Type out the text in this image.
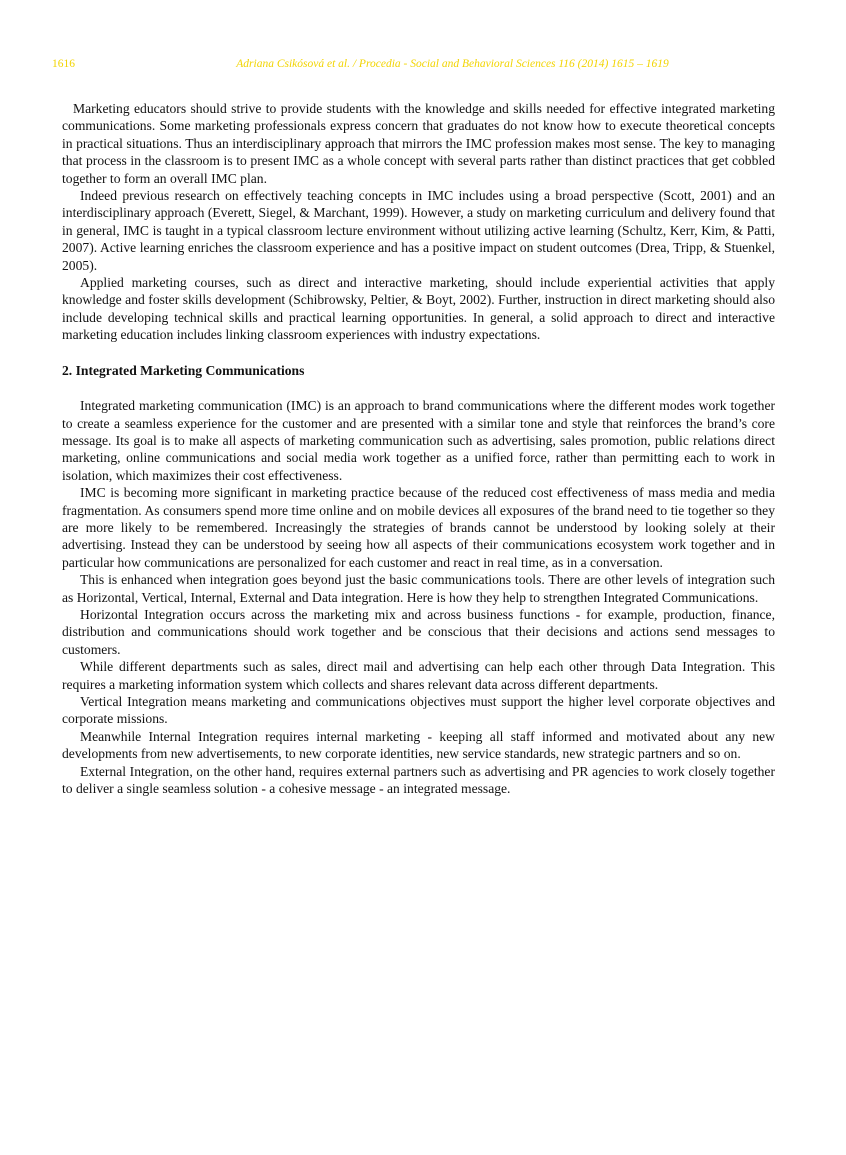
1616	Adriana Csikósová et al. / Procedia - Social and Behavioral Sciences 116 (2014) 1615 – 1619

Marketing educators should strive to provide students with the knowledge and skills needed for effective integrated marketing communications. Some marketing professionals express concern that graduates do not know how to execute theoretical concepts in practical situations. Thus an interdisciplinary approach that mirrors the IMC profession makes most sense. The key to managing that process in the classroom is to present IMC as a whole concept with several parts rather than distinct practices that get cobbled together to form an overall IMC plan.

Indeed previous research on effectively teaching concepts in IMC includes using a broad perspective (Scott, 2001) and an interdisciplinary approach (Everett, Siegel, & Marchant, 1999). However, a study on marketing curriculum and delivery found that in general, IMC is taught in a typical classroom lecture environment without utilizing active learning (Schultz, Kerr, Kim, & Patti, 2007). Active learning enriches the classroom experience and has a positive impact on student outcomes (Drea, Tripp, & Stuenkel, 2005).

Applied marketing courses, such as direct and interactive marketing, should include experiential activities that apply knowledge and foster skills development (Schibrowsky, Peltier, & Boyt, 2002). Further, instruction in direct marketing should also include developing technical skills and practical learning opportunities. In general, a solid approach to direct and interactive marketing education includes linking classroom experiences with industry expectations.

2. Integrated Marketing Communications

Integrated marketing communication (IMC) is an approach to brand communications where the different modes work together to create a seamless experience for the customer and are presented with a similar tone and style that reinforces the brand’s core message. Its goal is to make all aspects of marketing communication such as advertising, sales promotion, public relations direct marketing, online communications and social media work together as a unified force, rather than permitting each to work in isolation, which maximizes their cost effectiveness.

IMC is becoming more significant in marketing practice because of the reduced cost effectiveness of mass media and media fragmentation. As consumers spend more time online and on mobile devices all exposures of the brand need to tie together so they are more likely to be remembered. Increasingly the strategies of brands cannot be understood by looking solely at their advertising. Instead they can be understood by seeing how all aspects of their communications ecosystem work together and in particular how communications are personalized for each customer and react in real time, as in a conversation.

This is enhanced when integration goes beyond just the basic communications tools. There are other levels of integration such as Horizontal, Vertical, Internal, External and Data integration. Here is how they help to strengthen Integrated Communications.

Horizontal Integration occurs across the marketing mix and across business functions - for example, production, finance, distribution and communications should work together and be conscious that their decisions and actions send messages to customers.

While different departments such as sales, direct mail and advertising can help each other through Data Integration. This requires a marketing information system which collects and shares relevant data across different departments.

Vertical Integration means marketing and communications objectives must support the higher level corporate objectives and corporate missions.

Meanwhile Internal Integration requires internal marketing - keeping all staff informed and motivated about any new developments from new advertisements, to new corporate identities, new service standards, new strategic partners and so on.

External Integration, on the other hand, requires external partners such as advertising and PR agencies to work closely together to deliver a single seamless solution - a cohesive message - an integrated message.
